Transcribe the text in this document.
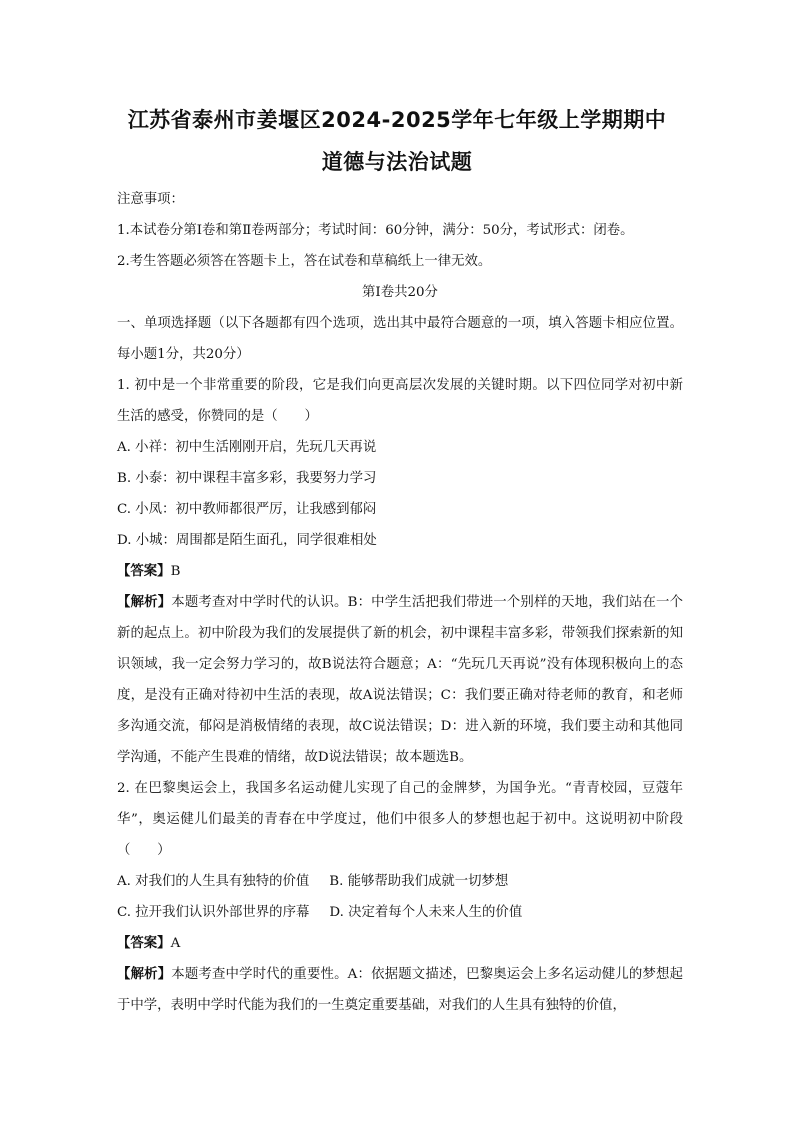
江苏省泰州市姜堰区2024-2025学年七年级上学期期中
道德与法治试题

注意事项：

1.本试卷分第Ⅰ卷和第Ⅱ卷两部分；考试时间：60分钟，满分：50分，考试形式：闭卷。

2.考生答题必须答在答题卡上，答在试卷和草稿纸上一律无效。

第Ⅰ卷共20分

一、单项选择题（以下各题都有四个选项，选出其中最符合题意的一项，填入答题卡相应位置。每小题1分，共20分）

1. 初中是一个非常重要的阶段，它是我们向更高层次发展的关键时期。以下四位同学对初中新生活的感受，你赞同的是（　　）

A. 小祥：初中生活刚刚开启，先玩几天再说

B. 小泰：初中课程丰富多彩，我要努力学习

C. 小凤：初中教师都很严厉，让我感到郁闷

D. 小城：周围都是陌生面孔，同学很难相处

【答案】B

【解析】本题考查对中学时代的认识。B：中学生活把我们带进一个别样的天地，我们站在一个新的起点上。初中阶段为我们的发展提供了新的机会，初中课程丰富多彩，带领我们探索新的知识领域，我一定会努力学习的，故B说法符合题意；A：“先玩几天再说”没有体现积极向上的态度，是没有正确对待初中生活的表现，故A说法错误；C：我们要正确对待老师的教育，和老师多沟通交流，郁闷是消极情绪的表现，故C说法错误；D：进入新的环境，我们要主动和其他同学沟通，不能产生畏难的情绪，故D说法错误；故本题选B。

2. 在巴黎奥运会上，我国多名运动健儿实现了自己的金牌梦，为国争光。“青青校园，豆蔻年华”，奥运健儿们最美的青春在中学度过，他们中很多人的梦想也起于初中。这说明初中阶段（　　）

A. 对我们的人生具有独特的价值 B. 能够帮助我们成就一切梦想

C. 拉开我们认识外部世界的序幕 D. 决定着每个人未来人生的价值

【答案】A

【解析】本题考查中学时代的重要性。A：依据题文描述，巴黎奥运会上多名运动健儿的梦想起于中学，表明中学时代能为我们的一生奠定重要基础，对我们的人生具有独特的价值，
